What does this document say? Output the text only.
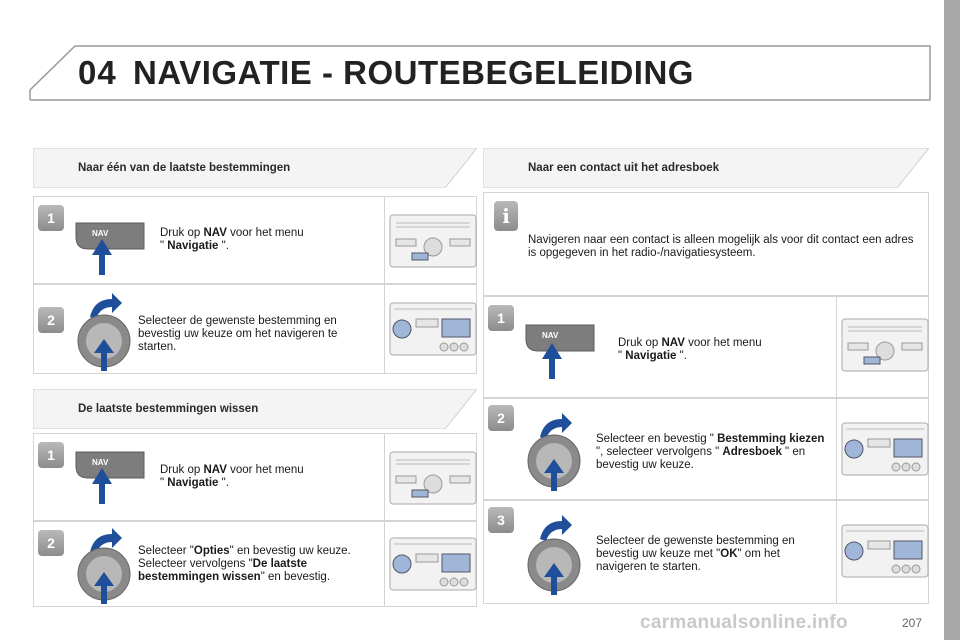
04 NAVIGATIE - ROUTEBEGELEIDING
Naar één van de laatste bestemmingen
1
NAV	Druk op NAV voor het menu
" Navigatie ".
2	Selecteer de gewenste bestemming en bevestig uw keuze om het navigeren te starten.
De laatste bestemmingen wissen
1	NAV
Druk op NAV voor het menu
" Navigatie ".
2	Selecteer "Opties" en bevestig uw keuze. Selecteer vervolgens "De laatste bestemmingen wissen" en bevestig.
Naar een contact uit het adresboek
i
Navigeren naar een contact is alleen mogelijk als voor dit contact een adres is opgegeven in het radio-/navigatiesysteem.
1
NAV
Druk op NAV voor het menu
" Navigatie ".
2
Selecteer en bevestig " Bestemming kiezen ", selecteer vervolgens " Adresboek " en bevestig uw keuze.
3
Selecteer de gewenste bestemming en bevestig uw keuze met "OK" om het navigeren te starten.
carmanualsonline.info	207
